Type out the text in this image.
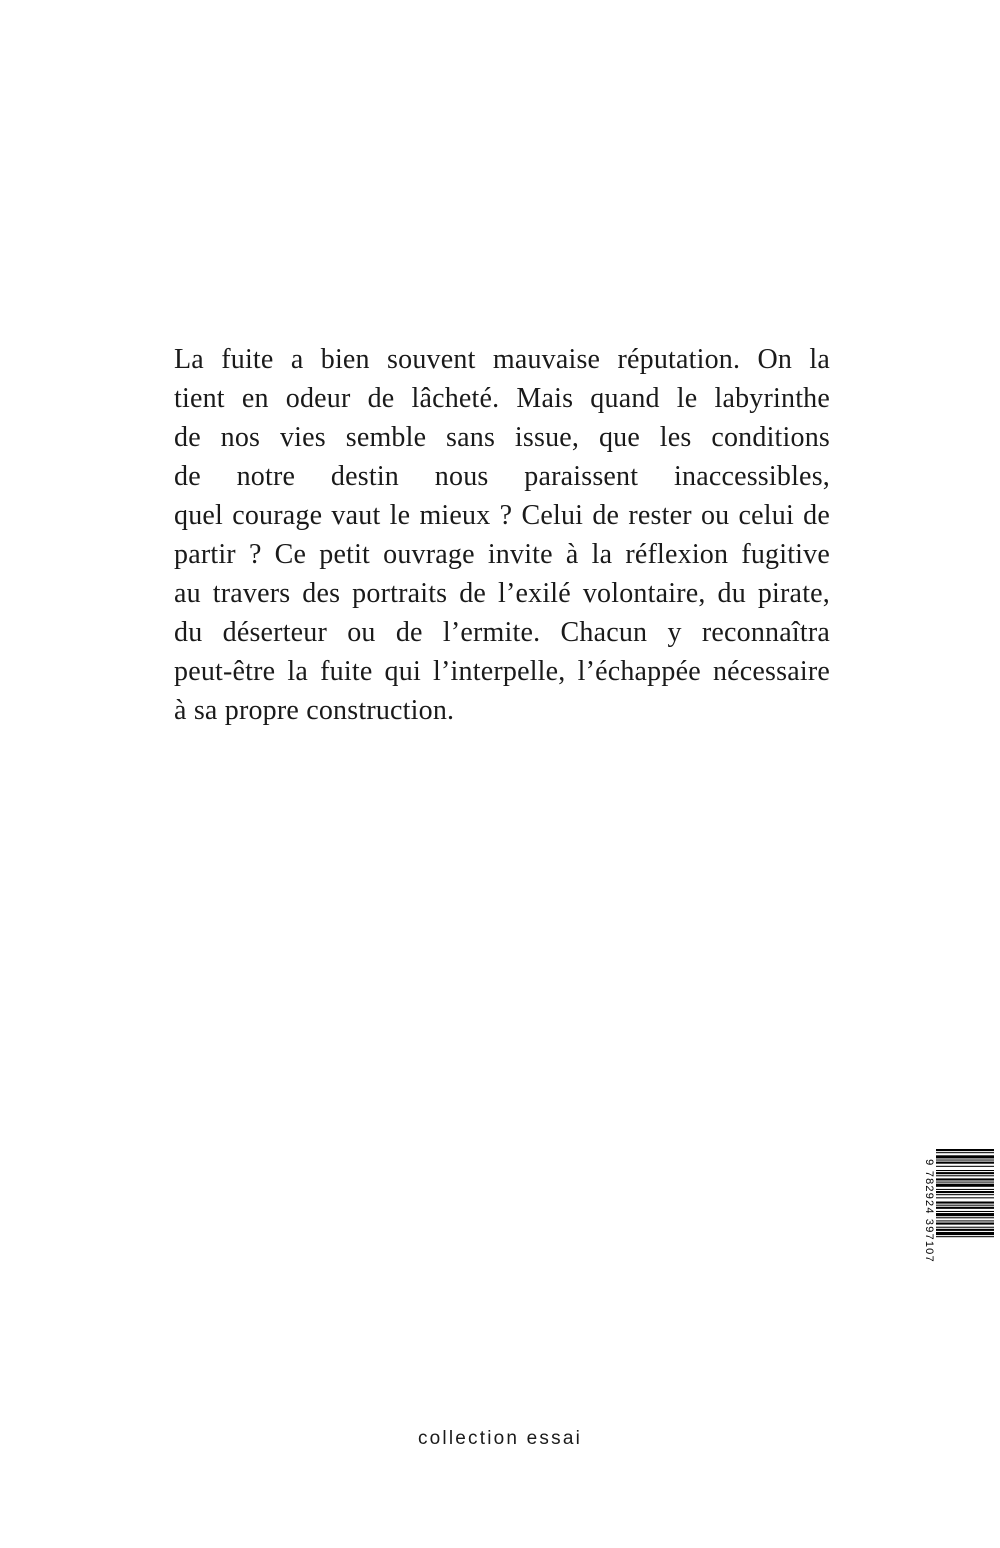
La fuite a bien souvent mauvaise réputation. On la
tient en odeur de lâcheté. Mais quand le labyrinthe
de nos vies semble sans issue, que les conditions
de notre destin nous paraissent inaccessibles,
quel courage vaut le mieux ? Celui de rester ou celui de
partir ? Ce petit ouvrage invite à la réflexion fugitive
au travers des portraits de l’exilé volontaire, du pirate,
du déserteur ou de l’ermite. Chacun y reconnaîtra
peut-être la fuite qui l’interpelle, l’échappée nécessaire
à sa propre construction.
9 782924 397107
collection essai
